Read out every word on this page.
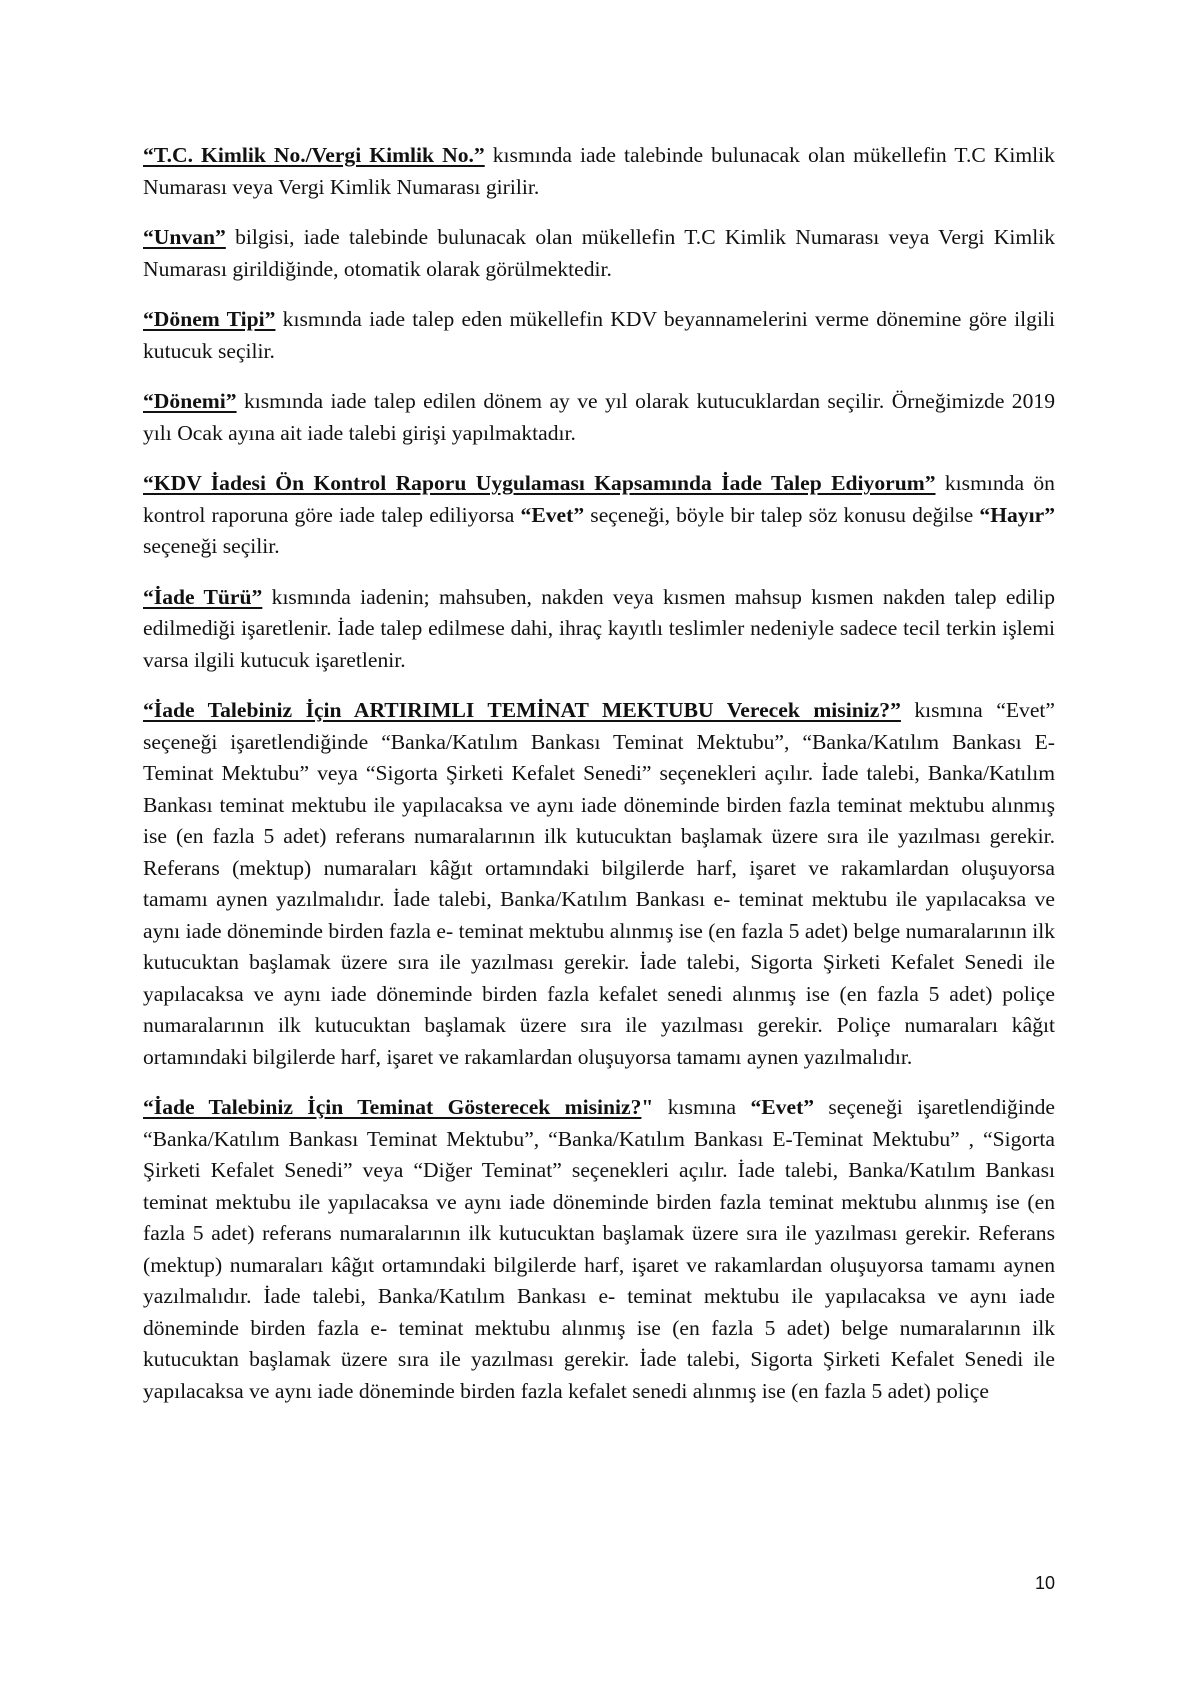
“T.C. Kimlik No./Vergi Kimlik No.” kısmında iade talebinde bulunacak olan mükellefin T.C Kimlik Numarası veya Vergi Kimlik Numarası girilir.

“Unvan” bilgisi, iade talebinde bulunacak olan mükellefin T.C Kimlik Numarası veya Vergi Kimlik Numarası girildiğinde, otomatik olarak görülmektedir.

“Dönem Tipi” kısmında iade talep eden mükellefin KDV beyannamelerini verme dönemine göre ilgili kutucuk seçilir.

“Dönemi” kısmında iade talep edilen dönem ay ve yıl olarak kutucuklardan seçilir. Örneğimizde 2019 yılı Ocak ayına ait iade talebi girişi yapılmaktadır.

“KDV İadesi Ön Kontrol Raporu Uygulaması Kapsamında İade Talep Ediyorum” kısmında ön kontrol raporuna göre iade talep ediliyorsa “Evet” seçeneği, böyle bir talep söz konusu değilse “Hayır” seçeneği seçilir.

“İade Türü” kısmında iadenin; mahsuben, nakden veya kısmen mahsup kısmen nakden talep edilip edilmediği işaretlenir. İade talep edilmese dahi, ihraç kayıtlı teslimler nedeniyle sadece tecil terkin işlemi varsa ilgili kutucuk işaretlenir.

“İade Talebiniz İçin ARTIRIMLI TEMİNAT MEKTUBU Verecek misiniz?” kısmına “Evet” seçeneği işaretlendiğinde “Banka/Katılım Bankası Teminat Mektubu”, “Banka/Katılım Bankası E- Teminat Mektubu” veya “Sigorta Şirketi Kefalet Senedi” seçenekleri açılır. İade talebi, Banka/Katılım Bankası teminat mektubu ile yapılacaksa ve aynı iade döneminde birden fazla teminat mektubu alınmış ise (en fazla 5 adet) referans numaralarının ilk kutucuktan başlamak üzere sıra ile yazılması gerekir. Referans (mektup) numaraları kâğıt ortamındaki bilgilerde harf, işaret ve rakamlardan oluşuyorsa tamamı aynen yazılmalıdır. İade talebi, Banka/Katılım Bankası e- teminat mektubu ile yapılacaksa ve aynı iade döneminde birden fazla e- teminat mektubu alınmış ise (en fazla 5 adet) belge numaralarının ilk kutucuktan başlamak üzere sıra ile yazılması gerekir. İade talebi, Sigorta Şirketi Kefalet Senedi ile yapılacaksa ve aynı iade döneminde birden fazla kefalet senedi alınmış ise (en fazla 5 adet) poliçe numaralarının ilk kutucuktan başlamak üzere sıra ile yazılması gerekir. Poliçe numaraları kâğıt ortamındaki bilgilerde harf, işaret ve rakamlardan oluşuyorsa tamamı aynen yazılmalıdır.

“İade Talebiniz İçin Teminat Gösterecek misiniz?" kısmına “Evet” seçeneği işaretlendiğinde “Banka/Katılım Bankası Teminat Mektubu”, “Banka/Katılım Bankası E-Teminat Mektubu” , “Sigorta Şirketi Kefalet Senedi” veya “Diğer Teminat” seçenekleri açılır. İade talebi, Banka/Katılım Bankası teminat mektubu ile yapılacaksa ve aynı iade döneminde birden fazla teminat mektubu alınmış ise (en fazla 5 adet) referans numaralarının ilk kutucuktan başlamak üzere sıra ile yazılması gerekir. Referans (mektup) numaraları kâğıt ortamındaki bilgilerde harf, işaret ve rakamlardan oluşuyorsa tamamı aynen yazılmalıdır. İade talebi, Banka/Katılım Bankası e- teminat mektubu ile yapılacaksa ve aynı iade döneminde birden fazla e- teminat mektubu alınmış ise (en fazla 5 adet) belge numaralarının ilk kutucuktan başlamak üzere sıra ile yazılması gerekir. İade talebi, Sigorta Şirketi Kefalet Senedi ile yapılacaksa ve aynı iade döneminde birden fazla kefalet senedi alınmış ise (en fazla 5 adet) poliçe

10
